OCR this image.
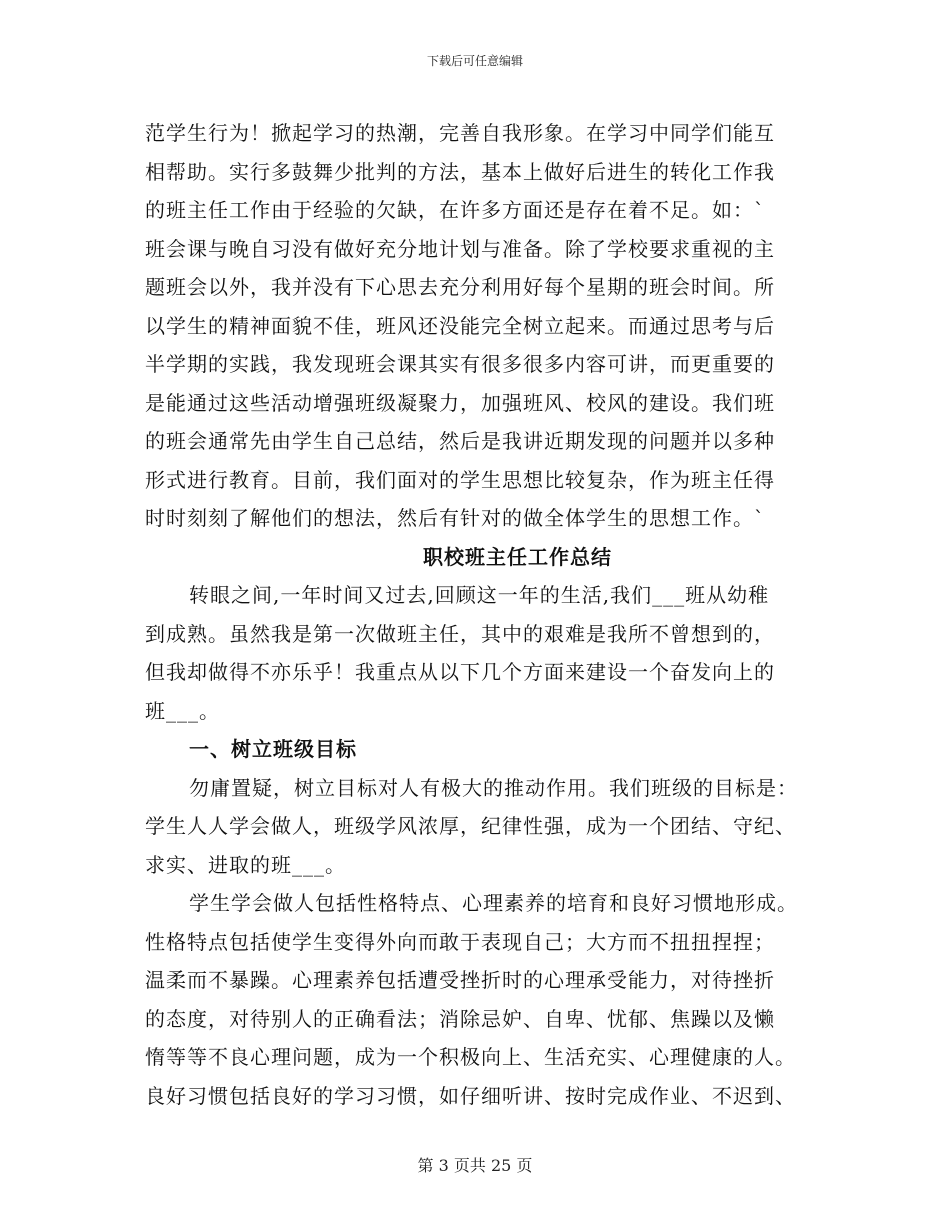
下载后可任意编辑
范学生行为！掀起学习的热潮，完善自我形象。在学习中同学们能互
相帮助。实行多鼓舞少批判的方法，基本上做好后进生的转化工作我
的班主任工作由于经验的欠缺，在许多方面还是存在着不足。如：`
班会课与晚自习没有做好充分地计划与准备。除了学校要求重视的主
题班会以外，我并没有下心思去充分利用好每个星期的班会时间。所
以学生的精神面貌不佳，班风还没能完全树立起来。而通过思考与后
半学期的实践，我发现班会课其实有很多很多内容可讲，而更重要的
是能通过这些活动增强班级凝聚力，加强班风、校风的建设。我们班
的班会通常先由学生自己总结，然后是我讲近期发现的问题并以多种
形式进行教育。目前，我们面对的学生思想比较复杂，作为班主任得
时时刻刻了解他们的想法，然后有针对的做全体学生的思想工作。`
职校班主任工作总结
转眼之间,一年时间又过去,回顾这一年的生活,我们___班从幼稚
到成熟。虽然我是第一次做班主任，其中的艰难是我所不曾想到的，
但我却做得不亦乐乎！我重点从以下几个方面来建设一个奋发向上的
班___。
一、树立班级目标
勿庸置疑，树立目标对人有极大的推动作用。我们班级的目标是：
学生人人学会做人，班级学风浓厚，纪律性强，成为一个团结、守纪、
求实、进取的班___。
学生学会做人包括性格特点、心理素养的培育和良好习惯地形成。
性格特点包括使学生变得外向而敢于表现自己；大方而不扭扭捏捏；
温柔而不暴躁。心理素养包括遭受挫折时的心理承受能力，对待挫折
的态度，对待别人的正确看法；消除忌妒、自卑、忧郁、焦躁以及懒
惰等等不良心理问题，成为一个积极向上、生活充实、心理健康的人。
良好习惯包括良好的学习习惯，如仔细听讲、按时完成作业、不迟到、
第 3 页共 25 页
